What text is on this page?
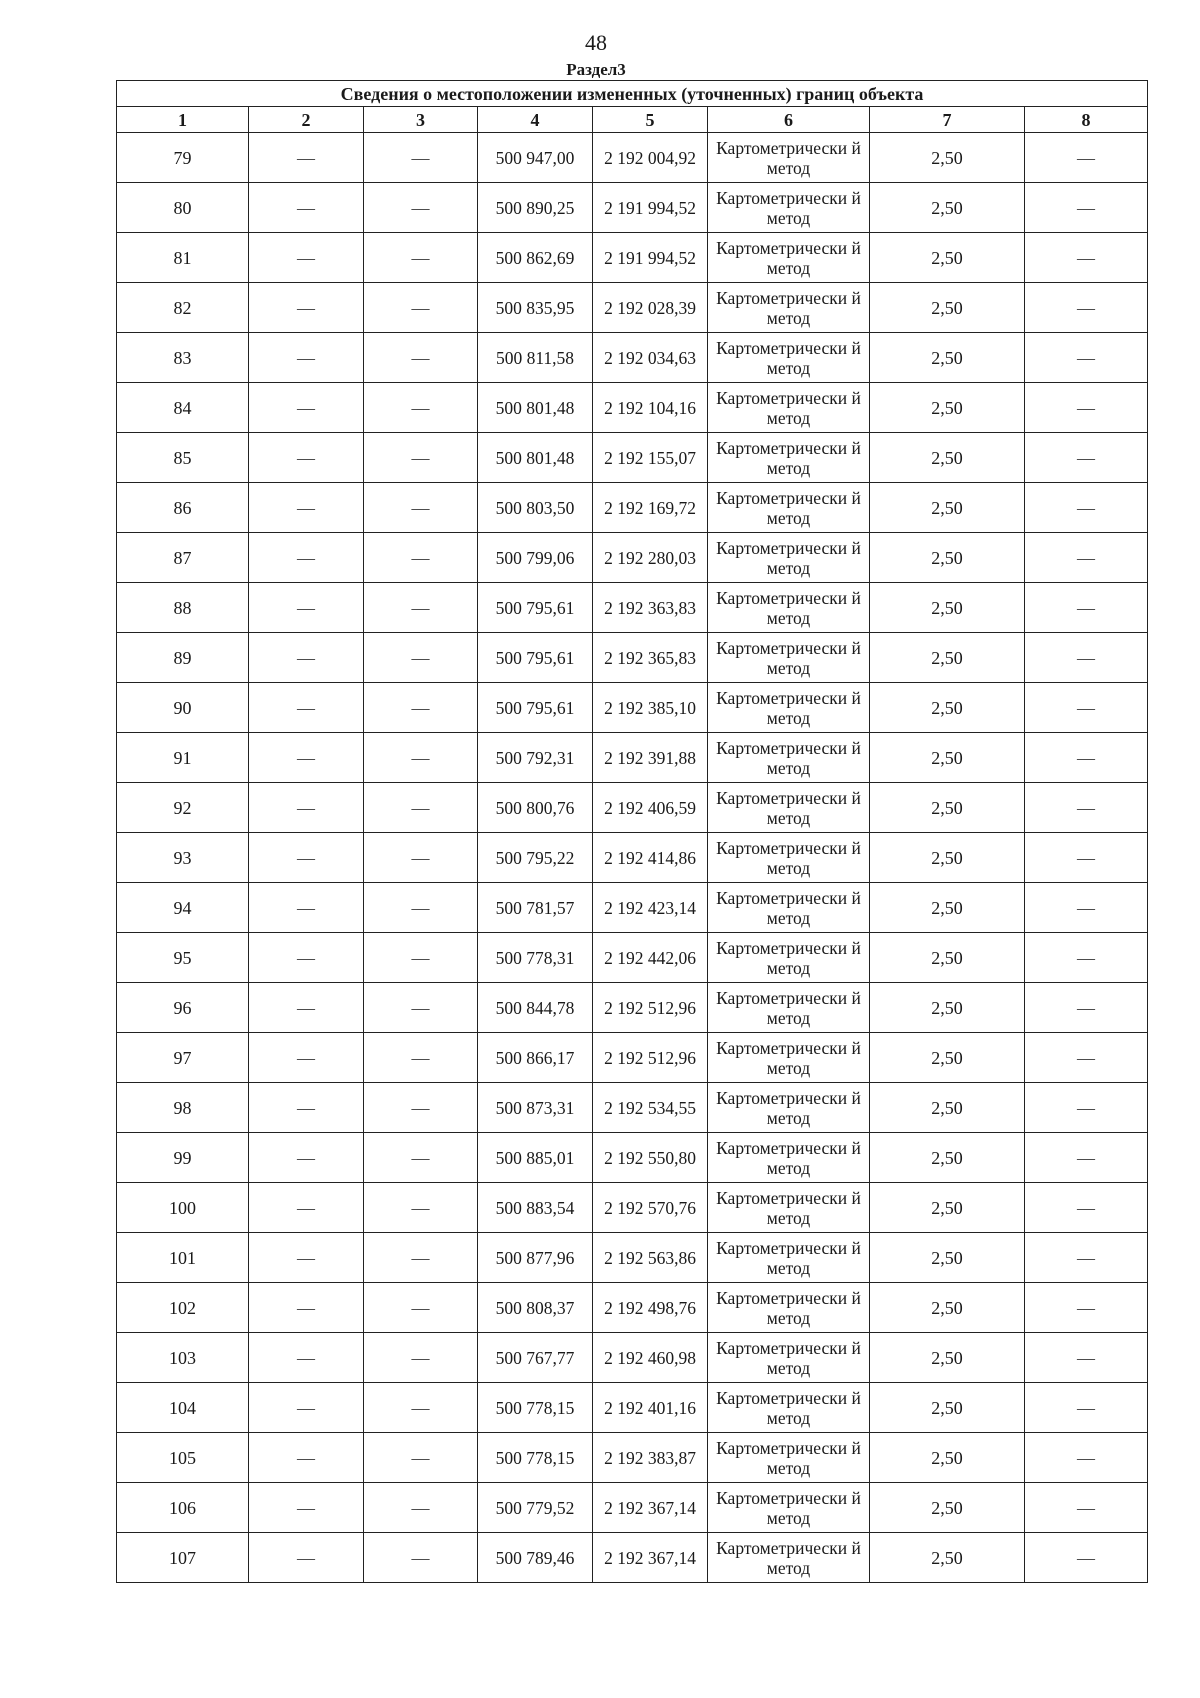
48
Раздел3
Сведения о местоположении измененных (уточненных) границ объекта							
1	2	3	4	5	6	7	8
79	—	—	500 947,00	2 192 004,92	Картометрически й метод	2,50	—
80	—	—	500 890,25	2 191 994,52	Картометрически й метод	2,50	—
81	—	—	500 862,69	2 191 994,52	Картометрически й метод	2,50	—
82	—	—	500 835,95	2 192 028,39	Картометрически й метод	2,50	—
83	—	—	500 811,58	2 192 034,63	Картометрически й метод	2,50	—
84	—	—	500 801,48	2 192 104,16	Картометрически й метод	2,50	—
85	—	—	500 801,48	2 192 155,07	Картометрически й метод	2,50	—
86	—	—	500 803,50	2 192 169,72	Картометрически й метод	2,50	—
87	—	—	500 799,06	2 192 280,03	Картометрически й метод	2,50	—
88	—	—	500 795,61	2 192 363,83	Картометрически й метод	2,50	—
89	—	—	500 795,61	2 192 365,83	Картометрически й метод	2,50	—
90	—	—	500 795,61	2 192 385,10	Картометрически й метод	2,50	—
91	—	—	500 792,31	2 192 391,88	Картометрически й метод	2,50	—
92	—	—	500 800,76	2 192 406,59	Картометрически й метод	2,50	—
93	—	—	500 795,22	2 192 414,86	Картометрически й метод	2,50	—
94	—	—	500 781,57	2 192 423,14	Картометрически й метод	2,50	—
95	—	—	500 778,31	2 192 442,06	Картометрически й метод	2,50	—
96	—	—	500 844,78	2 192 512,96	Картометрически й метод	2,50	—
97	—	—	500 866,17	2 192 512,96	Картометрически й метод	2,50	—
98	—	—	500 873,31	2 192 534,55	Картометрически й метод	2,50	—
99	—	—	500 885,01	2 192 550,80	Картометрически й метод	2,50	—
100	—	—	500 883,54	2 192 570,76	Картометрически й метод	2,50	—
101	—	—	500 877,96	2 192 563,86	Картометрически й метод	2,50	—
102	—	—	500 808,37	2 192 498,76	Картометрически й метод	2,50	—
103	—	—	500 767,77	2 192 460,98	Картометрически й метод	2,50	—
104	—	—	500 778,15	2 192 401,16	Картометрически й метод	2,50	—
105	—	—	500 778,15	2 192 383,87	Картометрически й метод	2,50	—
106	—	—	500 779,52	2 192 367,14	Картометрически й метод	2,50	—
107	—	—	500 789,46	2 192 367,14	Картометрически й метод	2,50	—
